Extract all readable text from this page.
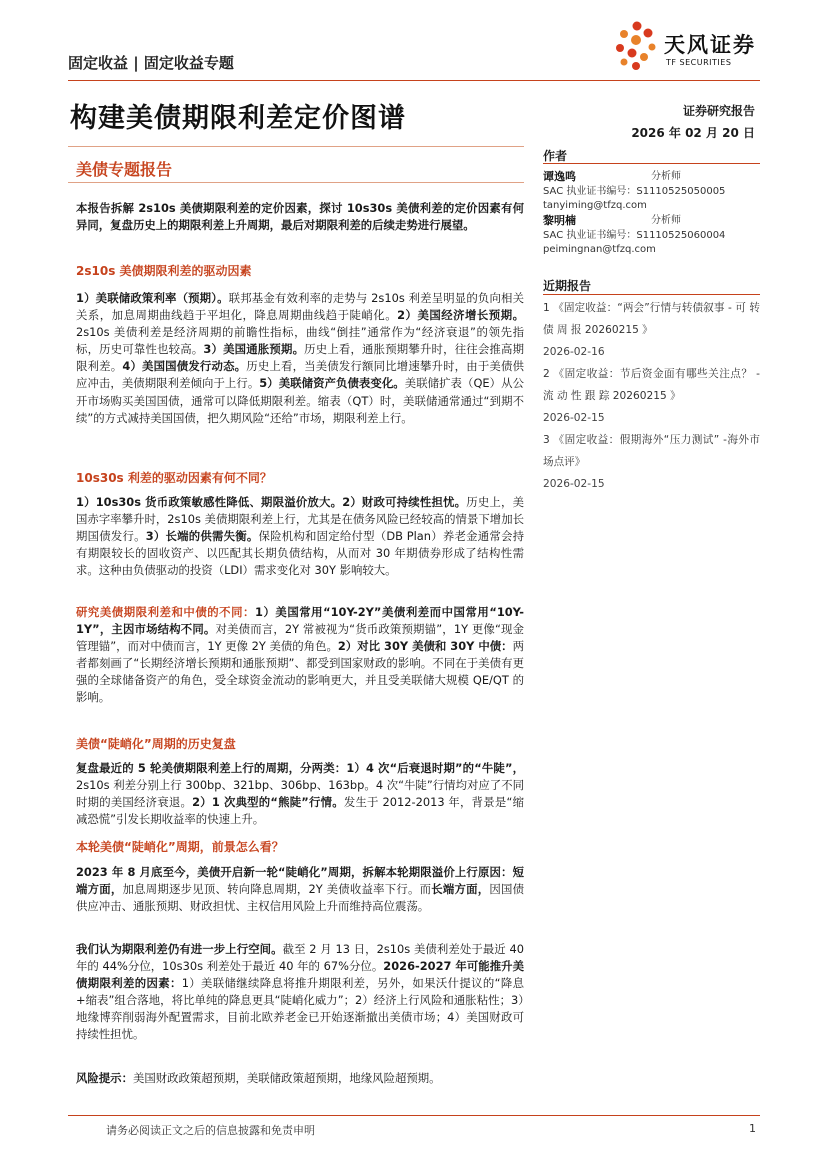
固定收益 | 固定收益专题
天风证券
TF SECURITIES
构建美债期限利差定价图谱	证券研究报告
2026 年 02 月 20 日
美债专题报告
作者
谭逸鸣	分析师
SAC 执业证书编号：S1110525050005
tanyiming@tfzq.com
黎明楠	分析师
SAC 执业证书编号：S1110525060004
peimingnan@tfzq.com
近期报告
1 《固定收益：“两会”行情与转债叙事 - 可 转 债 周 报 20260215 》
2026-02-16
2 《固定收益：节后资金面有哪些关注点？ - 流 动 性 跟 踪 20260215 》
2026-02-15
3 《固定收益：假期海外“压力测试” -海外市场点评》
2026-02-15
本报告拆解 2s10s 美债期限利差的定价因素，探讨 10s30s 美债利差的定价因素有何异同，复盘历史上的期限利差上升周期，最后对期限利差的后续走势进行展望。
2s10s 美债期限利差的驱动因素
1）美联储政策利率（预期）。联邦基金有效利率的走势与 2s10s 利差呈明显的负向相关关系，加息周期曲线趋于平坦化，降息周期曲线趋于陡峭化。2）美国经济增长预期。2s10s 美债利差是经济周期的前瞻性指标，曲线“倒挂”通常作为“经济衰退”的领先指标，历史可靠性也较高。3）美国通胀预期。历史上看，通胀预期攀升时，往往会推高期限利差。4）美国国债发行动态。历史上看，当美债发行额同比增速攀升时，由于美债供应冲击，美债期限利差倾向于上行。5）美联储资产负债表变化。美联储扩表（QE）从公开市场购买美国国债，通常可以降低期限利差。缩表（QT）时，美联储通常通过“到期不续”的方式减持美国国债，把久期风险“还给”市场，期限利差上行。
10s30s 利差的驱动因素有何不同？
1）10s30s 货币政策敏感性降低、期限溢价放大。2）财政可持续性担忧。历史上，美国赤字率攀升时，2s10s 美债期限利差上行，尤其是在债务风险已经较高的情景下增加长期国债发行。3）长端的供需失衡。保险机构和固定给付型（DB Plan）养老金通常会持有期限较长的固收资产、以匹配其长期负债结构，从而对 30 年期债券形成了结构性需求。这种由负债驱动的投资（LDI）需求变化对 30Y 影响较大。
研究美债期限利差和中债的不同：1）美国常用“10Y-2Y”美债利差而中国常用“10Y-1Y”，主因市场结构不同。对美债而言，2Y 常被视为“货币政策预期锚”，1Y 更像“现金管理锚”，而对中债而言，1Y 更像 2Y 美债的角色。2）对比 30Y 美债和 30Y 中债：两者都刻画了“长期经济增长预期和通胀预期”、都受到国家财政的影响。不同在于美债有更强的全球储备资产的角色，受全球资金流动的影响更大，并且受美联储大规模 QE/QT 的影响。
美债“陡峭化”周期的历史复盘
复盘最近的 5 轮美债期限利差上行的周期，分两类：1）4 次“后衰退时期”的“牛陡”，2s10s 利差分别上行 300bp、321bp、306bp、163bp。4 次“牛陡”行情均对应了不同时期的美国经济衰退。2）1 次典型的“熊陡”行情。发生于 2012-2013 年，背景是“缩减恐慌”引发长期收益率的快速上升。
本轮美债“陡峭化”周期，前景怎么看？
2023 年 8 月底至今，美债开启新一轮“陡峭化”周期，拆解本轮期限溢价上行原因：短端方面，加息周期逐步见顶、转向降息周期，2Y 美债收益率下行。而长端方面，因国债供应冲击、通胀预期、财政担忧、主权信用风险上升而维持高位震荡。
我们认为期限利差仍有进一步上行空间。截至 2 月 13 日，2s10s 美债利差处于最近 40 年的 44%分位，10s30s 利差处于最近 40 年的 67%分位。2026-2027 年可能推升美债期限利差的因素：1）美联储继续降息将推升期限利差，另外，如果沃什提议的“降息+缩表”组合落地，将比单纯的降息更具“陡峭化威力”；2）经济上行风险和通胀粘性；3）地缘博弈削弱海外配置需求，目前北欧养老金已开始逐渐撤出美债市场；4）美国财政可持续性担忧。
风险提示：美国财政政策超预期，美联储政策超预期，地缘风险超预期。
请务必阅读正文之后的信息披露和免责申明	1
